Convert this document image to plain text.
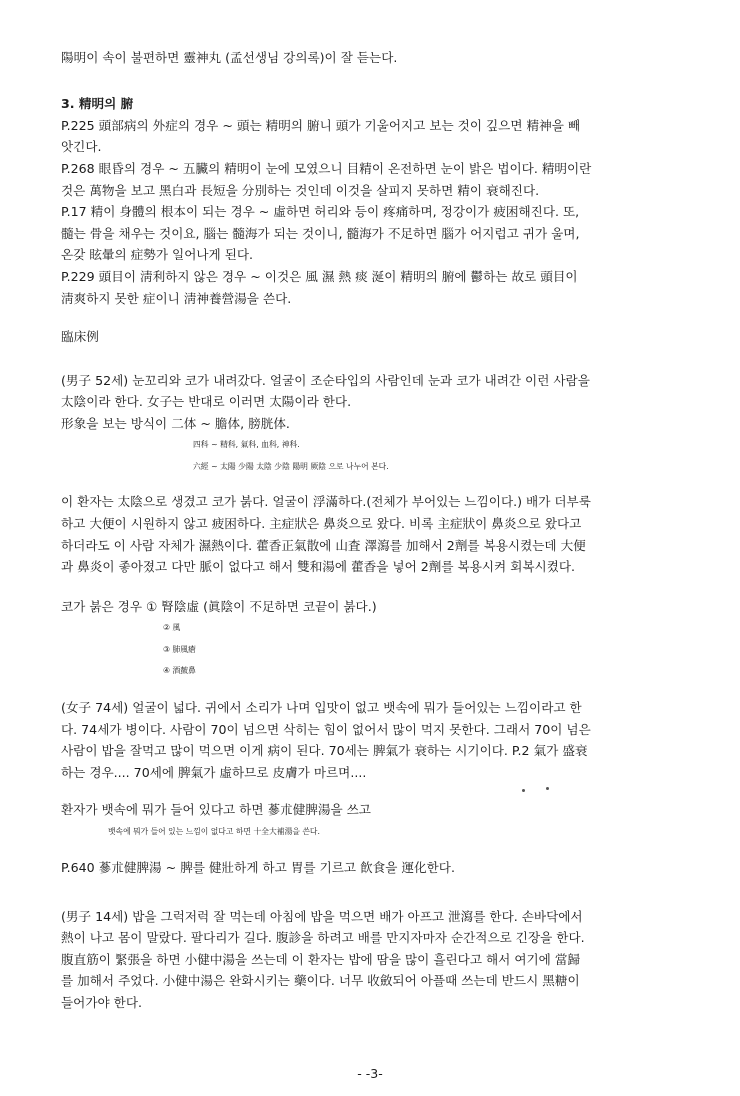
陽明이 속이 불편하면 靈神丸 (孟선생님 강의록)이 잘 듣는다.
3. 精明의 腑
P.225 頭部病의 外症의 경우 ~ 頭는 精明의 腑니 頭가 기울어지고 보는 것이 깊으면 精神을 빼
앗긴다.
P.268 眼昏의 경우 ~ 五臟의 精明이 눈에 모였으니 目精이 온전하면 눈이 밝은 법이다. 精明이란
것은 萬物을 보고 黑白과 長短을 分別하는 것인데 이것을 살피지 못하면 精이 衰해진다.
P.17 精이 身體의 根本이 되는 경우 ~ 虛하면 허리와 등이 疼痛하며, 정강이가 疲困해진다. 또,
髓는 骨을 채우는 것이요, 腦는 髓海가 되는 것이니, 髓海가 不足하면 腦가 어지럽고 귀가 울며,
온갖 眩暈의 症勢가 일어나게 된다.
P.229 頭目이 淸利하지 않은 경우 ~ 이것은 風 濕 熱 痰 涎이 精明의 腑에 鬱하는 故로 頭目이
淸爽하지 못한 症이니 淸神養營湯을 쓴다.
臨床例
(男子 52세) 눈꼬리와 코가 내려갔다. 얼굴이 조순타입의 사람인데 눈과 코가 내려간 이런 사람을
太陰이라 한다. 女子는 반대로 이러면 太陽이라 한다.
形象을 보는 방식이 二体 ~ 膽体, 膀胱体.
四科 ~ 精科, 氣科, 血科, 神科.
六經 ~ 太陽 少陽 太陰 少陰 陽明 厥陰 으로 나누어 본다.
이 환자는 太陰으로 생겼고 코가 붉다. 얼굴이 浮滿하다.(전체가 부어있는 느낌이다.) 배가 더부룩
하고 大便이 시원하지 않고 疲困하다. 主症狀은 鼻炎으로 왔다. 비록 主症狀이 鼻炎으로 왔다고
하더라도 이 사람 자체가 濕熱이다. 藿香正氣散에 山査 澤瀉를 加해서 2劑를 복용시켰는데 大便
과 鼻炎이 좋아졌고 다만 脈이 없다고 해서 雙和湯에 藿香을 넣어 2劑를 복용시켜 회복시켰다.
코가 붉은 경우 ① 腎陰虛 (眞陰이 不足하면 코끝이 붉다.)
② 風
③ 肺風瘡
④ 酒皶鼻
(女子 74세) 얼굴이 넓다. 귀에서 소리가 나며 입맛이 없고 뱃속에 뭐가 들어있는 느낌이라고 한
다. 74세가 병이다. 사람이 70이 넘으면 삭히는 힘이 없어서 많이 먹지 못한다. 그래서 70이 넘은
사람이 밥을 잘먹고 많이 먹으면 이게 病이 된다. 70세는 脾氣가 衰하는 시기이다. P.2 氣가 盛衰
하는 경우.... 70세에 脾氣가 虛하므로 皮膚가 마르며....
환자가 뱃속에 뭐가 들어 있다고 하면 蔘朮健脾湯을 쓰고
뱃속에 뭐가 들어 있는 느낌이 없다고 하면 十全大補湯을 쓴다.
P.640 蔘朮健脾湯 ~ 脾를 健壯하게 하고 胃를 기르고 飮食을 運化한다.
(男子 14세) 밥을 그럭저럭 잘 먹는데 아침에 밥을 먹으면 배가 아프고 泄瀉를 한다. 손바닥에서
熱이 나고 몸이 말랐다. 팔다리가 길다. 腹診을 하려고 배를 만지자마자 순간적으로 긴장을 한다.
腹直筋이 緊張을 하면 小健中湯을 쓰는데 이 환자는 밥에 땀을 많이 흘린다고 해서 여기에 當歸
를 加해서 주었다. 小健中湯은 완화시키는 藥이다. 너무 收斂되어 아플때 쓰는데 반드시 黑糖이
들어가야 한다.
- -3-
